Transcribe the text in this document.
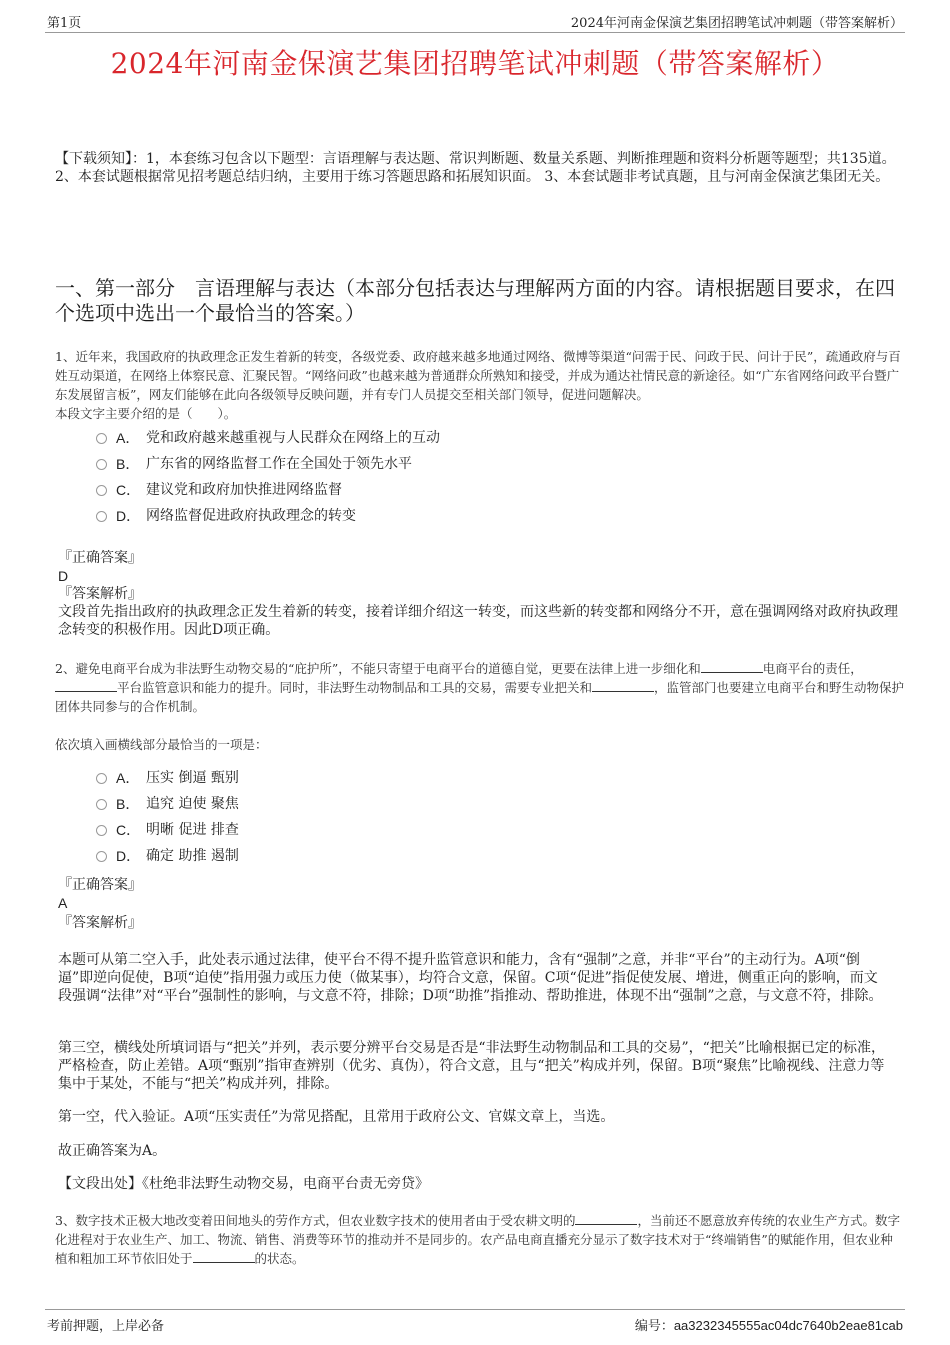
第1页	2024年河南金保演艺集团招聘笔试冲刺题（带答案解析）
2024年河南金保演艺集团招聘笔试冲刺题（带答案解析）
【下载须知】：1，本套练习包含以下题型：言语理解与表达题、常识判断题、数量关系题、判断推理题和资料分析题等题型；共135道。 2、本套试题根据常见招考题总结归纳，主要用于练习答题思路和拓展知识面。 3、本套试题非考试真题，且与河南金保演艺集团无关。
一、第一部分　言语理解与表达（本部分包括表达与理解两方面的内容。请根据题目要求，在四个选项中选出一个最恰当的答案。）
1、近年来，我国政府的执政理念正发生着新的转变，各级党委、政府越来越多地通过网络、微博等渠道“问需于民、问政于民、问计于民”，疏通政府与百姓互动渠道，在网络上体察民意、汇聚民智。“网络问政”也越来越为普通群众所熟知和接受，并成为通达社情民意的新途径。如“广东省网络问政平台暨广东发展留言板”，网友们能够在此向各级领导反映问题，并有专门人员提交至相关部门领导，促进问题解决。
本段文字主要介绍的是（　　）。
A． 党和政府越来越重视与人民群众在网络上的互动
B． 广东省的网络监督工作在全国处于领先水平
C． 建议党和政府加快推进网络监督
D． 网络监督促进政府执政理念的转变
『正确答案』
D
『答案解析』
文段首先指出政府的执政理念正发生着新的转变，接着详细介绍这一转变，而这些新的转变都和网络分不开，意在强调网络对政府执政理念转变的积极作用。因此D项正确。
2、避免电商平台成为非法野生动物交易的“庇护所”，不能只寄望于电商平台的道德自觉，更要在法律上进一步细化和	电商平台的责任，平台监管意识和能力的提升。同时，非法野生动物制品和工具的交易，需要专业把关和	，监管部门也要建立电商平台和野生动物保护团体共同参与的合作机制。
依次填入画横线部分最恰当的一项是：
A． 压实 倒逼 甄别
B． 追究 迫使 聚焦
C． 明晰 促进 排查
D． 确定 助推 遏制
『正确答案』
A
『答案解析』
本题可从第二空入手，此处表示通过法律，使平台不得不提升监管意识和能力，含有“强制”之意，并非“平台”的主动行为。A项“倒逼”即逆向促使，B项“迫使”指用强力或压力使（做某事），均符合文意，保留。C项“促进”指促使发展、增进，侧重正向的影响，而文段强调“法律”对“平台”强制性的影响，与文意不符，排除；D项“助推”指推动、帮助推进，体现不出“强制”之意，与文意不符，排除。
第三空，横线处所填词语与“把关”并列，表示要分辨平台交易是否是“非法野生动物制品和工具的交易”，“把关”比喻根据已定的标准，严格检查，防止差错。A项“甄别”指审查辨别（优劣、真伪），符合文意，且与“把关”构成并列，保留。B项“聚焦”比喻视线、注意力等集中于某处，不能与“把关”构成并列，排除。
第一空，代入验证。A项“压实责任”为常见搭配，且常用于政府公文、官媒文章上，当选。
故正确答案为A。
【文段出处】《杜绝非法野生动物交易，电商平台责无旁贷》
3、数字技术正极大地改变着田间地头的劳作方式，但农业数字技术的使用者由于受农耕文明的	，当前还不愿意放弃传统的农业生产方式。数字化进程对于农业生产、加工、物流、销售、消费等环节的推动并不是同步的。农产品电商直播充分显示了数字技术对于“终端销售”的赋能作用，但农业种植和粗加工环节依旧处于	的状态。
考前押题，上岸必备	编号：aa3232345555ac04dc7640b2eae81cab
